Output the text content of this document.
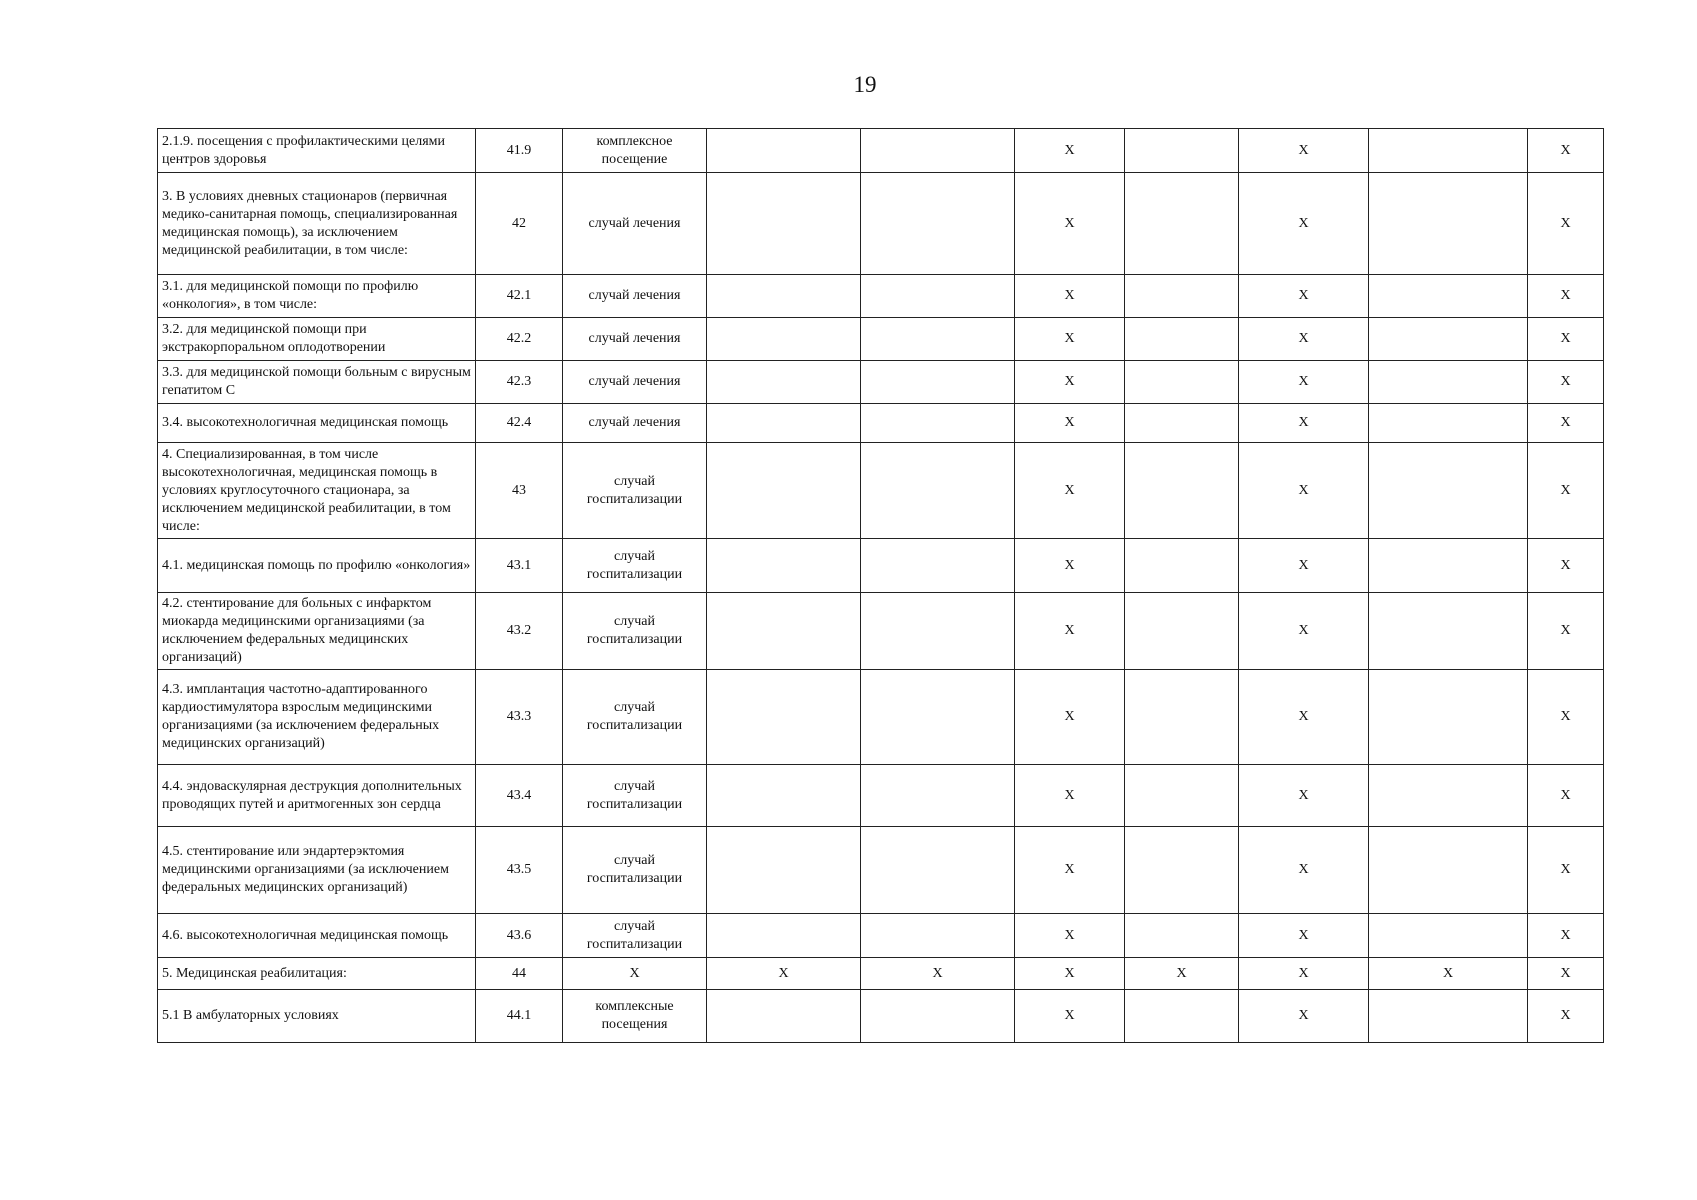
19
2.1.9. посещения с профилактическими целями центров здоровья	41.9	комплексное посещение			X		X		X
3. В условиях дневных стационаров (первичная медико-санитарная помощь, специализированная медицинская помощь), за исключением медицинской реабилитации, в том числе:	42	случай лечения			X		X		X
3.1. для медицинской помощи по профилю «онкология», в том числе:	42.1	случай лечения			X		X		X
3.2. для медицинской помощи при экстракорпоральном оплодотворении	42.2	случай лечения			X		X		X
3.3. для медицинской помощи больным с вирусным гепатитом С	42.3	случай лечения			X		X		X
3.4. высокотехнологичная медицинская помощь	42.4	случай лечения			X		X		X
4. Специализированная, в том числе высокотехнологичная, медицинская помощь в условиях круглосуточного стационара, за исключением медицинской реабилитации, в том числе:	43	случай госпитализации			X		X		X
4.1. медицинская помощь по профилю «онкология»	43.1	случай госпитализации			X		X		X
4.2. стентирование для больных с инфарктом миокарда медицинскими организациями (за исключением федеральных медицинских организаций)	43.2	случай госпитализации			X		X		X
4.3. имплантация частотно-адаптированного кардиостимулятора взрослым медицинскими организациями (за исключением федеральных медицинских организаций)	43.3	случай госпитализации			X		X		X
4.4. эндоваскулярная деструкция дополнительных проводящих путей и аритмогенных зон сердца	43.4	случай госпитализации			X		X		X
4.5. стентирование или эндартерэктомия медицинскими организациями (за исключением федеральных медицинских организаций)	43.5	случай госпитализации			X		X		X
4.6. высокотехнологичная медицинская помощь	43.6	случай госпитализации			X		X		X
5. Медицинская реабилитация:	44	X	X	X	X	X	X	X	X
5.1 В амбулаторных условиях	44.1	комплексные посещения			X		X		X
